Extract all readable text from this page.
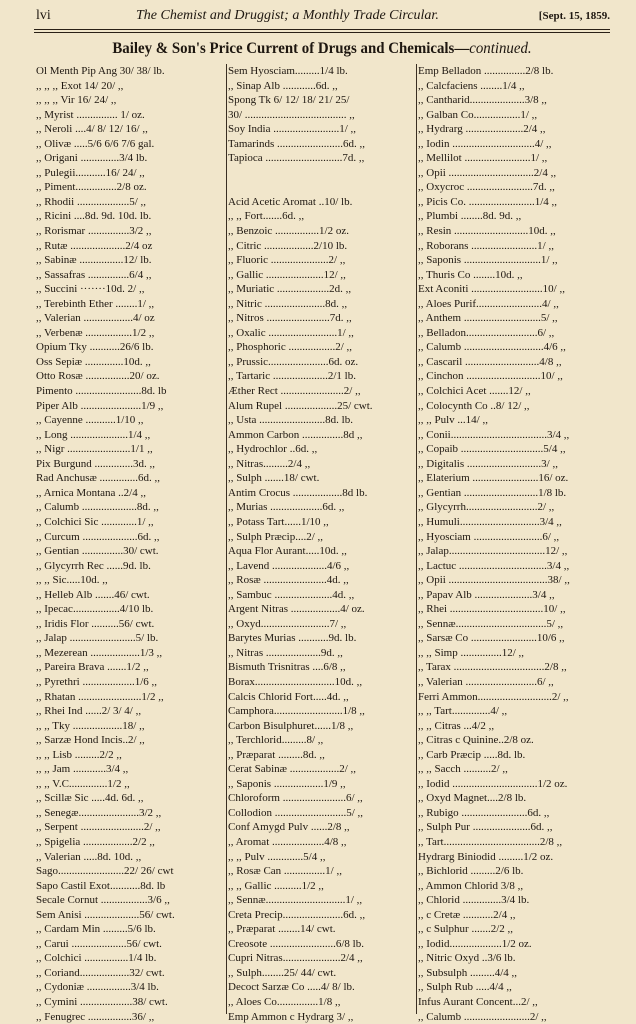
lvi	The Chemist and Druggist; a Monthly Trade Circular.	[Sept. 15, 1859.
Bailey & Son's Price Current of Drugs and Chemicals—continued.
Ol Menth Pip Ang 30/ 38/ lb.
,, ,, ,, Exot 14/ 20/ ,,
,, ,, ,, Vir 16/ 24/ ,,
,, Myrist ............... 1/ oz.
,, Neroli ....4/ 8/ 12/ 16/ ,,
,, Olivæ .....5/6 6/6 7/6 gal.
,, Origani ..............3/4 lb.
,, Pulegii...........16/ 24/ ,,
,, Piment...............2/8 oz.
,, Rhodii ...................5/ ,,
,, Ricini ....8d. 9d. 10d. lb.
,, Rorismar ...............3/2 ,,
,, Rutæ ....................2/4 oz
,, Sabinæ ................12/ lb.
,, Sassafras ...............6/4 ,,
,, Succini ·······10d. 2/ ,,
,, Terebinth Ether ........1/ ,,
,, Valerian ..................4/ oz
,, Verbenæ .................1/2 ,,
Opium Tky ...........26/6 lb.
Oss Sepiæ ..............10d. ,,
Otto Rosæ ................20/ oz.
Pimento ........................8d. lb
Piper Alb ......................1/9 ,,
,, Cayenne ...........1/10 ,,
,, Long .....................1/4 ,,
,, Nigr .......................1/1 ,,
Pix Burgund ..............3d. ,,
Rad Anchusæ ..............6d. ,,
,, Arnica Montana ..2/4 ,,
,, Calumb ....................8d. ,,
,, Colchici Sic .............1/ ,,
,, Curcum ....................6d. ,,
,, Gentian ...............30/ cwt.
,, Glycyrrh Rec ......9d. lb.
,, ,, Sic.....10d. ,,
,, Helleb Alb .......46/ cwt.
,, Ipecac.................4/10 lb.
,, Iridis Flor ..........56/ cwt.
,, Jalap ........................5/ lb.
,, Mezerean ..................1/3 ,,
,, Pareira Brava .......1/2 ,,
,, Pyrethri ...................1/6 ,,
,, Rhatan .......................1/2 ,,
,, Rhei Ind ......2/ 3/ 4/ ,,
,, ,, Tky ..................18/ ,,
,, Sarzæ Hond Incis..2/ ,,
,, ,, Lisb .........2/2 ,,
,, ,, Jam ............3/4 ,,
,, ,, V.C..............1/2 ,,
,, Scillæ Sic .....4d. 6d. ,,
,, Senegæ......................3/2 ,,
,, Serpent .......................2/ ,,
,, Spigelia ..................2/2 ,,
,, Valerian .....8d. 10d. ,,
Sago........................22/ 26/ cwt
Sapo Castil Exot...........8d. lb
Secale Cornut .................3/6 ,,
Sem Anisi ....................56/ cwt.
,, Cardam Min .........5/6 lb.
,, Carui ....................56/ cwt.
,, Colchici ................1/4 lb.
,, Coriand..................32/ cwt.
,, Cydoniæ ................3/4 lb.
,, Cymini ...................38/ cwt.
,, Fenugrec ................36/ ,,
Sem Hyosciam.........1/4 lb.
,, Sinap Alb ............6d. ,,
Spong Tk 6/ 12/ 18/ 21/ 25/
30/ ..................................... ,,
Soy India ........................1/ ,,
Tamarinds ........................6d. ,,
Tapioca ............................7d. ,,
Acid Acetic Aromat ..10/ lb.
,, ,, Fort.......6d. ,,
,, Benzoic ................1/2 oz.
,, Citric ..................2/10 lb.
,, Fluoric .....................2/ ,,
,, Gallic .....................12/ ,,
,, Muriatic ...................2d. ,,
,, Nitric ......................8d. ,,
,, Nitros .......................7d. ,,
,, Oxalic .........................1/ ,,
,, Phosphoric .................2/ ,,
,, Prussic......................6d. oz.
,, Tartaric ....................2/1 lb.
Æther Rect .......................2/ ,,
Alum Rupel ...................25/ cwt.
,, Usta ........................8d. lb.
Ammon Carbon ...............8d ,,
,, Hydrochlor ..6d. ,,
,, Nitras.........2/4 ,,
,, Sulph .......18/ cwt.
Antim Crocus ..................8d lb.
,, Murias ...................6d. ,,
,, Potass Tart......1/10 ,,
,, Sulph Præcip....2/ ,,
Aqua Flor Aurant.....10d. ,,
,, Lavend ....................4/6 ,,
,, Rosæ .......................4d. ,,
,, Sambuc .....................4d. ,,
Argent Nitras ..................4/ oz.
,, Oxyd.........................7/ ,,
Barytes Murias ...........9d. lb.
,, Nitras ....................9d. ,,
Bismuth Trisnitras ....6/8 ,,
Borax.............................10d. ,,
Calcis Chlorid Fort.....4d. ,,
Camphora.........................1/8 ,,
Carbon Bisulphuret......1/8 ,,
,, Terchlorid.........8/ ,,
,, Præparat .........8d. ,,
Cerat Sabinæ ..................2/ ,,
,, Saponis ..................1/9 ,,
Chloroform .......................6/ ,,
Collodion ..........................5/ ,,
Conf Amygd Pulv ......2/8 ,,
,, Aromat ...................4/8 ,,
,, ,, Pulv .............5/4 ,,
,, Rosæ Can ...............1/ ,,
,, ,, Gallic ..........1/2 ,,
,, Sennæ.............................1/ ,,
Creta Precip......................6d. ,,
,, Præparat ........14/ cwt.
Creosote ........................6/8 lb.
Cupri Nitras.....................2/4 ,,
,, Sulph........25/ 44/ cwt.
Decoct Sarzæ Co .....4/ 8/ lb.
,, Aloes Co...............1/8 ,,
Emp Ammon c Hydrarg 3/ ,,
Emp Belladon ...............2/8 lb.
,, Calcfaciens ........1/4 ,,
,, Cantharid....................3/8 ,,
,, Galban Co.................1/ ,,
,, Hydrarg .....................2/4 ,,
,, Iodin ..............................4/ ,,
,, Mellilot ........................1/ ,,
,, Opii ...............................2/4 ,,
,, Oxycroc ........................7d. ,,
,, Picis Co. ........................1/4 ,,
,, Plumbi ........8d. 9d. ,,
,, Resin ...........................10d. ,,
,, Roborans ........................1/ ,,
,, Saponis ............................1/ ,,
,, Thuris Co ........10d. ,,
Ext Aconiti ..........................10/ ,,
,, Aloes Purif........................4/ ,,
,, Anthem ............................5/ ,,
,, Belladon..........................6/ ,,
,, Calumb .............................4/6 ,,
,, Cascaril ...........................4/8 ,,
,, Cinchon ...........................10/ ,,
,, Colchici Acet .......12/ ,,
,, Colocynth Co ..8/ 12/ ,,
,, ,, Pulv ...14/ ,,
,, Conii...................................3/4 ,,
,, Copaib ..............................5/4 ,,
,, Digitalis ...........................3/ ,,
,, Elaterium ........................16/ oz.
,, Gentian ...........................1/8 lb.
,, Glycyrrh..........................2/ ,,
,, Humuli.............................3/4 ,,
,, Hyosciam .........................6/ ,,
,, Jalap...................................12/ ,,
,, Lactuc ................................3/4 ,,
,, Opii ....................................38/ ,,
,, Papav Alb .....................3/4 ,,
,, Rhei ..................................10/ ,,
,, Sennæ.................................5/ ,,
,, Sarsæ Co ........................10/6 ,,
,, ,, Simp ...............12/ ,,
,, Tarax .................................2/8 ,,
,, Valerian ..........................6/ ,,
Ferri Ammon...........................2/ ,,
,, ,, Tart..............4/ ,,
,, ,, Citras ...4/2 ,,
,, Citras c Quininе..2/8 oz.
,, Carb Præcip .....8d. lb.
,, ,, Sacch ..........2/ ,,
,, Iodid ...............................1/2 oz.
,, Oxyd Magnet....2/8 lb.
,, Rubigo ........................6d. ,,
,, Sulph Pur .....................6d. ,,
,, Tart...................................2/8 ,,
Hydrarg Biniodid .........1/2 oz.
,, Bichlorid .........2/6 lb.
,, Ammon Chlorid 3/8 ,,
,, Chlorid ..............3/4 lb.
,, c Cretæ ...........2/4 ,,
,, c Sulphur .......2/2 ,,
,, Iodid...................1/2 oz.
,, Nitric Oxyd ..3/6 lb.
,, Subsulph .........4/4 ,,
,, Sulph Rub .....4/4 ,,
Infus Aurant Concent...2/ ,,
,, Calumb ........................2/ ,,
